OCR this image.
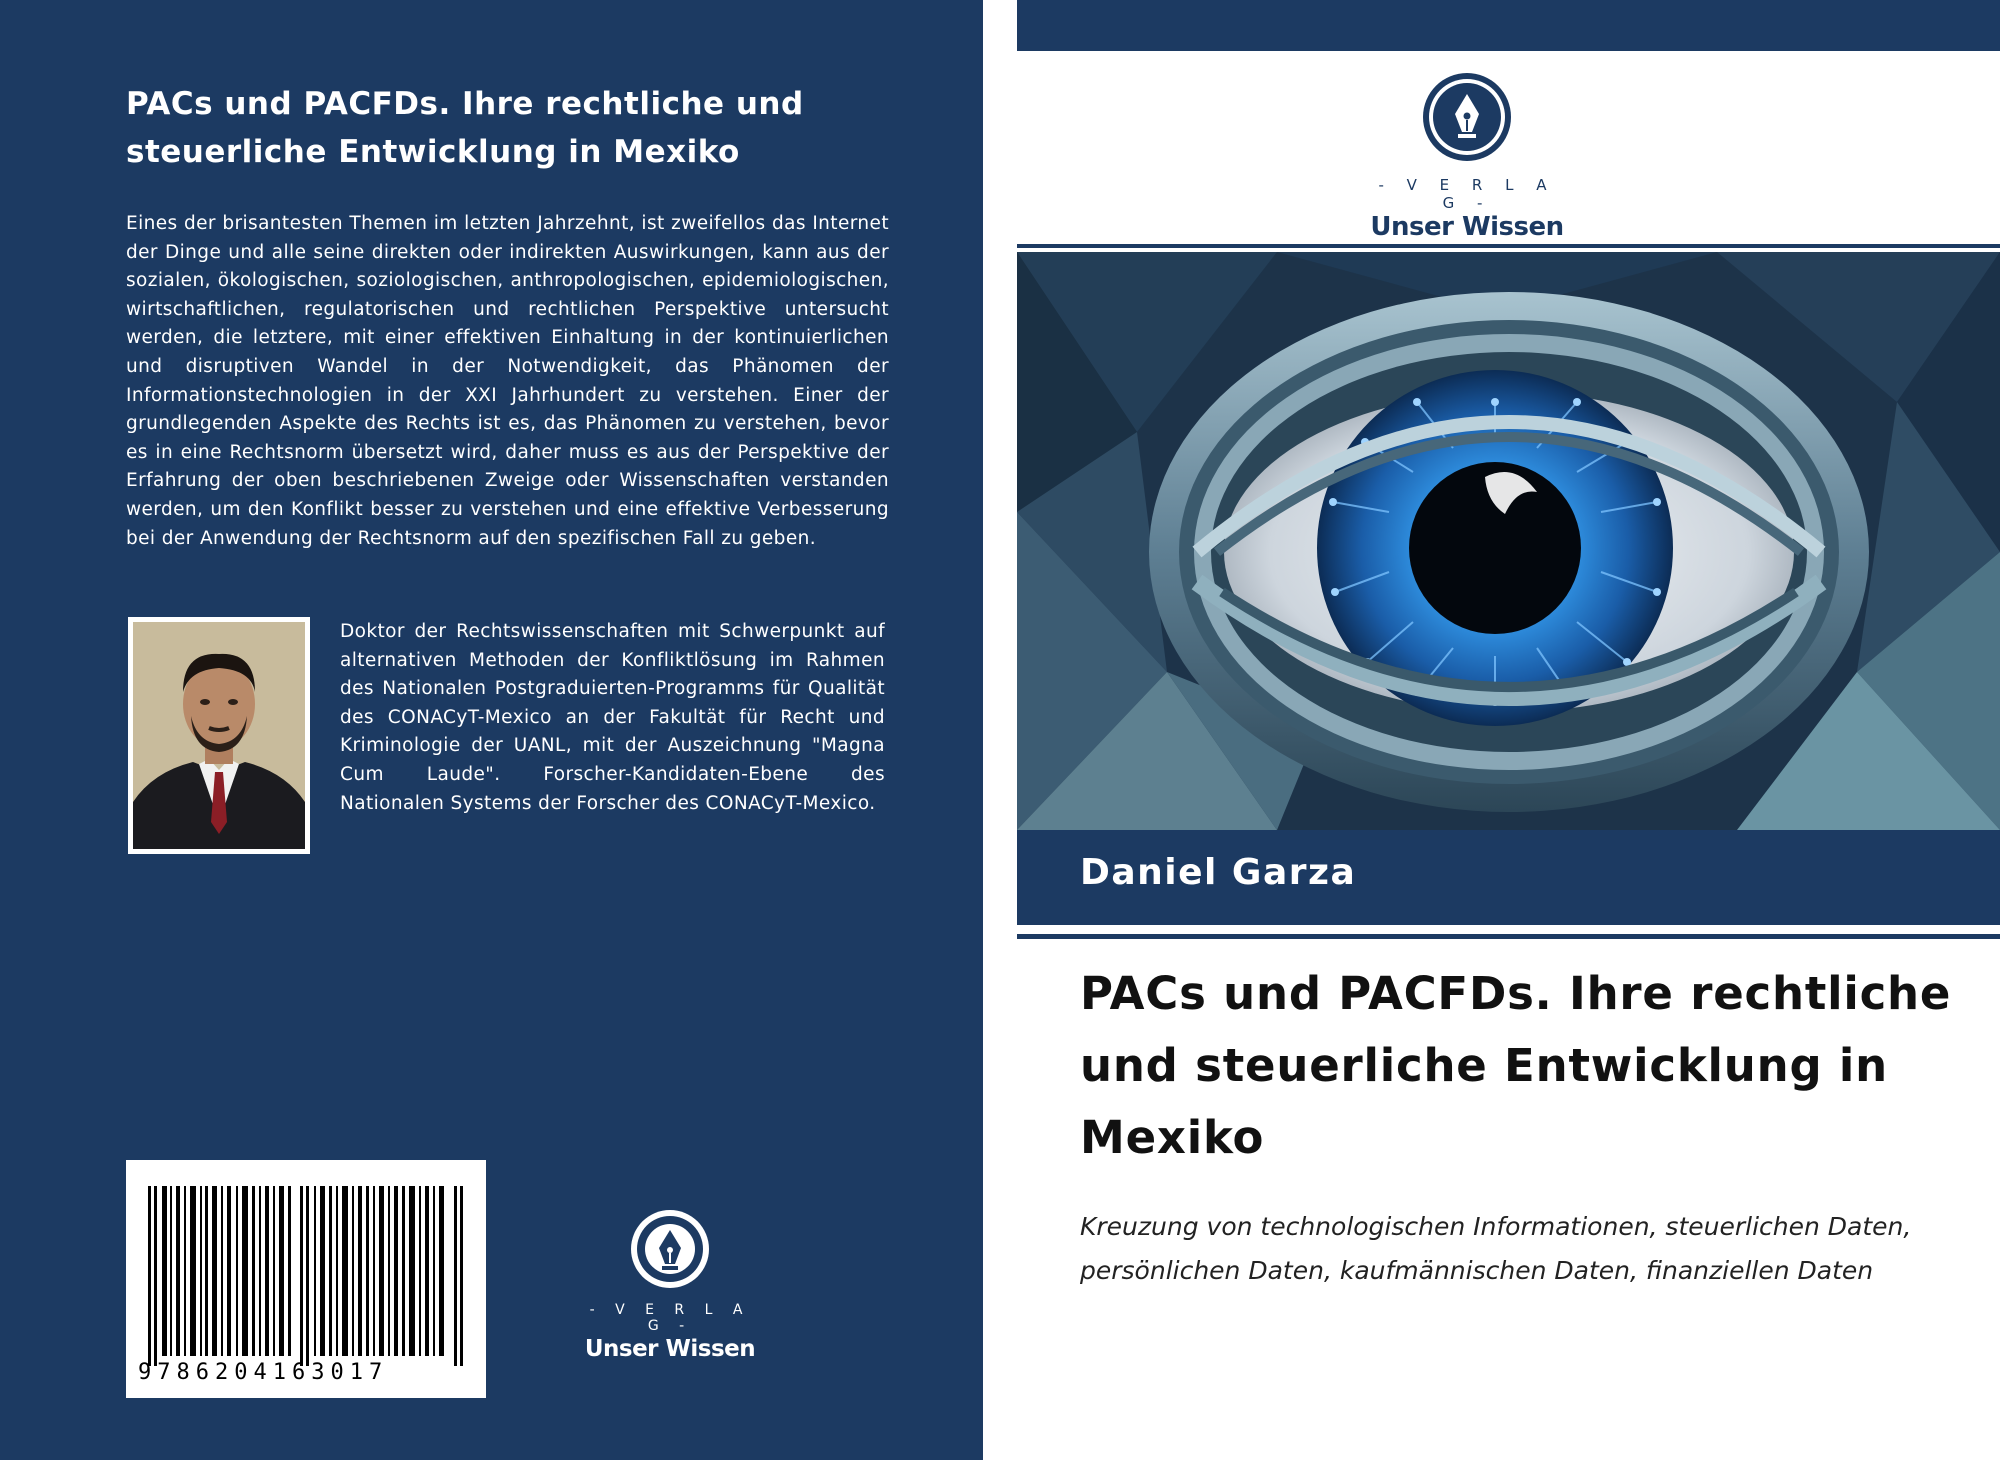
PACs und PACFDs. Ihre rechtliche und steuerliche Entwicklung in Mexiko
Eines der brisantesten Themen im letzten Jahrzehnt, ist zweifellos das Internet der Dinge und alle seine direkten oder indirekten Auswirkungen, kann aus der sozialen, ökologischen, soziologischen, anthropologischen, epidemiologischen, wirtschaftlichen, regulatorischen und rechtlichen Perspektive untersucht werden, die letztere, mit einer effektiven Einhaltung in der kontinuierlichen und disruptiven Wandel in der Notwendigkeit, das Phänomen der Informationstechnologien in der XXI Jahrhundert zu verstehen. Einer der grundlegenden Aspekte des Rechts ist es, das Phänomen zu verstehen, bevor es in eine Rechtsnorm übersetzt wird, daher muss es aus der Perspektive der Erfahrung der oben beschriebenen Zweige oder Wissenschaften verstanden werden, um den Konflikt besser zu verstehen und eine effektive Verbesserung bei der Anwendung der Rechtsnorm auf den spezifischen Fall zu geben.
Doktor der Rechtswissenschaften mit Schwerpunkt auf alternativen Methoden der Konfliktlösung im Rahmen des Nationalen Postgraduierten-Programms für Qualität des CONACyT-Mexico an der Fakultät für Recht und Kriminologie der UANL, mit der Auszeichnung "Magna Cum Laude". Forscher-Kandidaten-Ebene des Nationalen Systems der Forscher des CONACyT-Mexico.
9786204163017
- V E R L A G -
Unser Wissen
- V E R L A G -
Unser Wissen
Daniel Garza
PACs und PACFDs. Ihre rechtliche und steuerliche Entwicklung in Mexiko
Kreuzung von technologischen Informationen, steuerlichen Daten, persönlichen Daten, kaufmännischen Daten, finanziellen Daten
